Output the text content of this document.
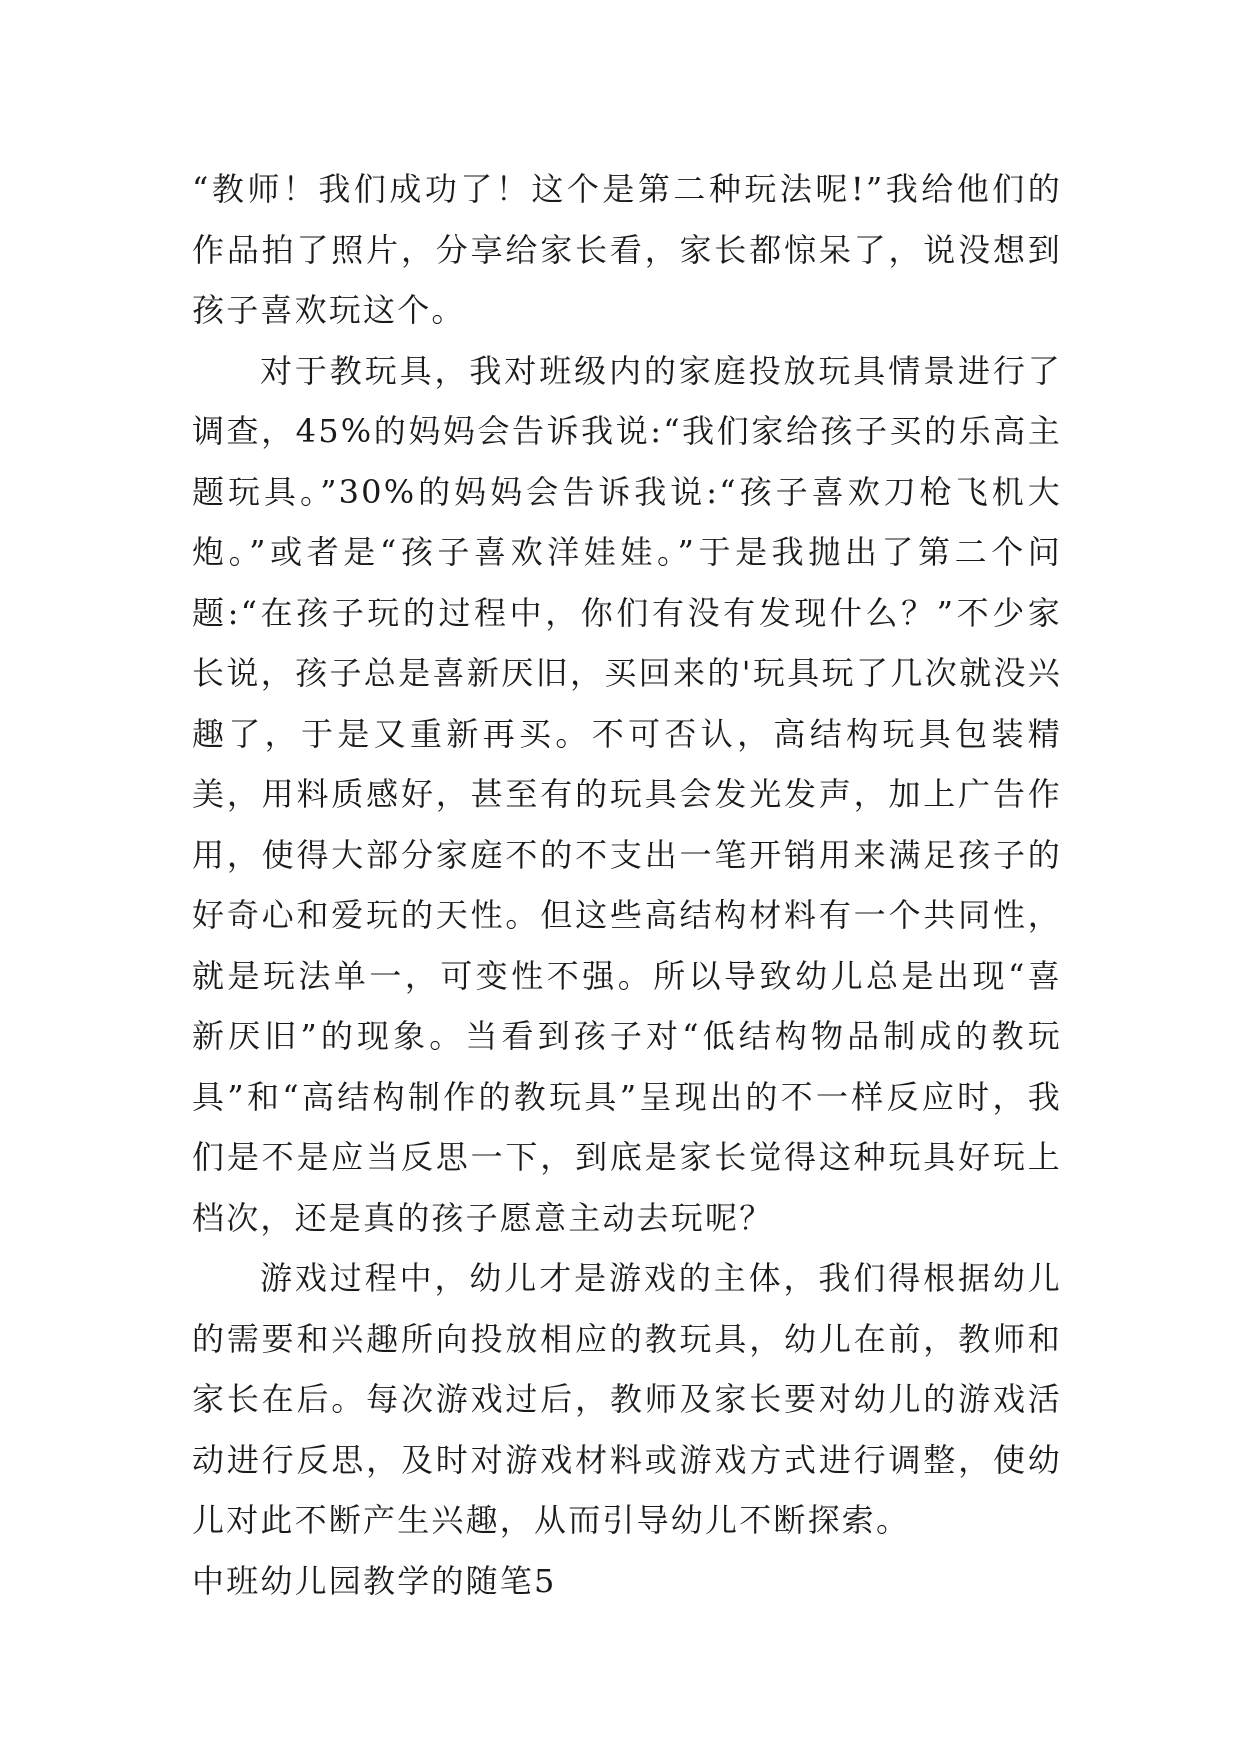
“教师！我们成功了！这个是第二种玩法呢!”我给他们的作品拍了照片，分享给家长看，家长都惊呆了，说没想到孩子喜欢玩这个。

对于教玩具，我对班级内的家庭投放玩具情景进行了调查，45%的妈妈会告诉我说:“我们家给孩子买的乐高主题玩具。”30%的妈妈会告诉我说:“孩子喜欢刀枪飞机大炮。”或者是“孩子喜欢洋娃娃。”于是我抛出了第二个问题:“在孩子玩的过程中，你们有没有发现什么？”不少家长说，孩子总是喜新厌旧，买回来的'玩具玩了几次就没兴趣了，于是又重新再买。不可否认，高结构玩具包装精美，用料质感好，甚至有的玩具会发光发声，加上广告作用，使得大部分家庭不的不支出一笔开销用来满足孩子的好奇心和爱玩的天性。但这些高结构材料有一个共同性，就是玩法单一，可变性不强。所以导致幼儿总是出现“喜新厌旧”的现象。当看到孩子对“低结构物品制成的教玩具”和“高结构制作的教玩具”呈现出的不一样反应时，我们是不是应当反思一下，到底是家长觉得这种玩具好玩上档次，还是真的孩子愿意主动去玩呢？

游戏过程中，幼儿才是游戏的主体，我们得根据幼儿的需要和兴趣所向投放相应的教玩具，幼儿在前，教师和家长在后。每次游戏过后，教师及家长要对幼儿的游戏活动进行反思，及时对游戏材料或游戏方式进行调整，使幼儿对此不断产生兴趣，从而引导幼儿不断探索。

中班幼儿园教学的随笔5
